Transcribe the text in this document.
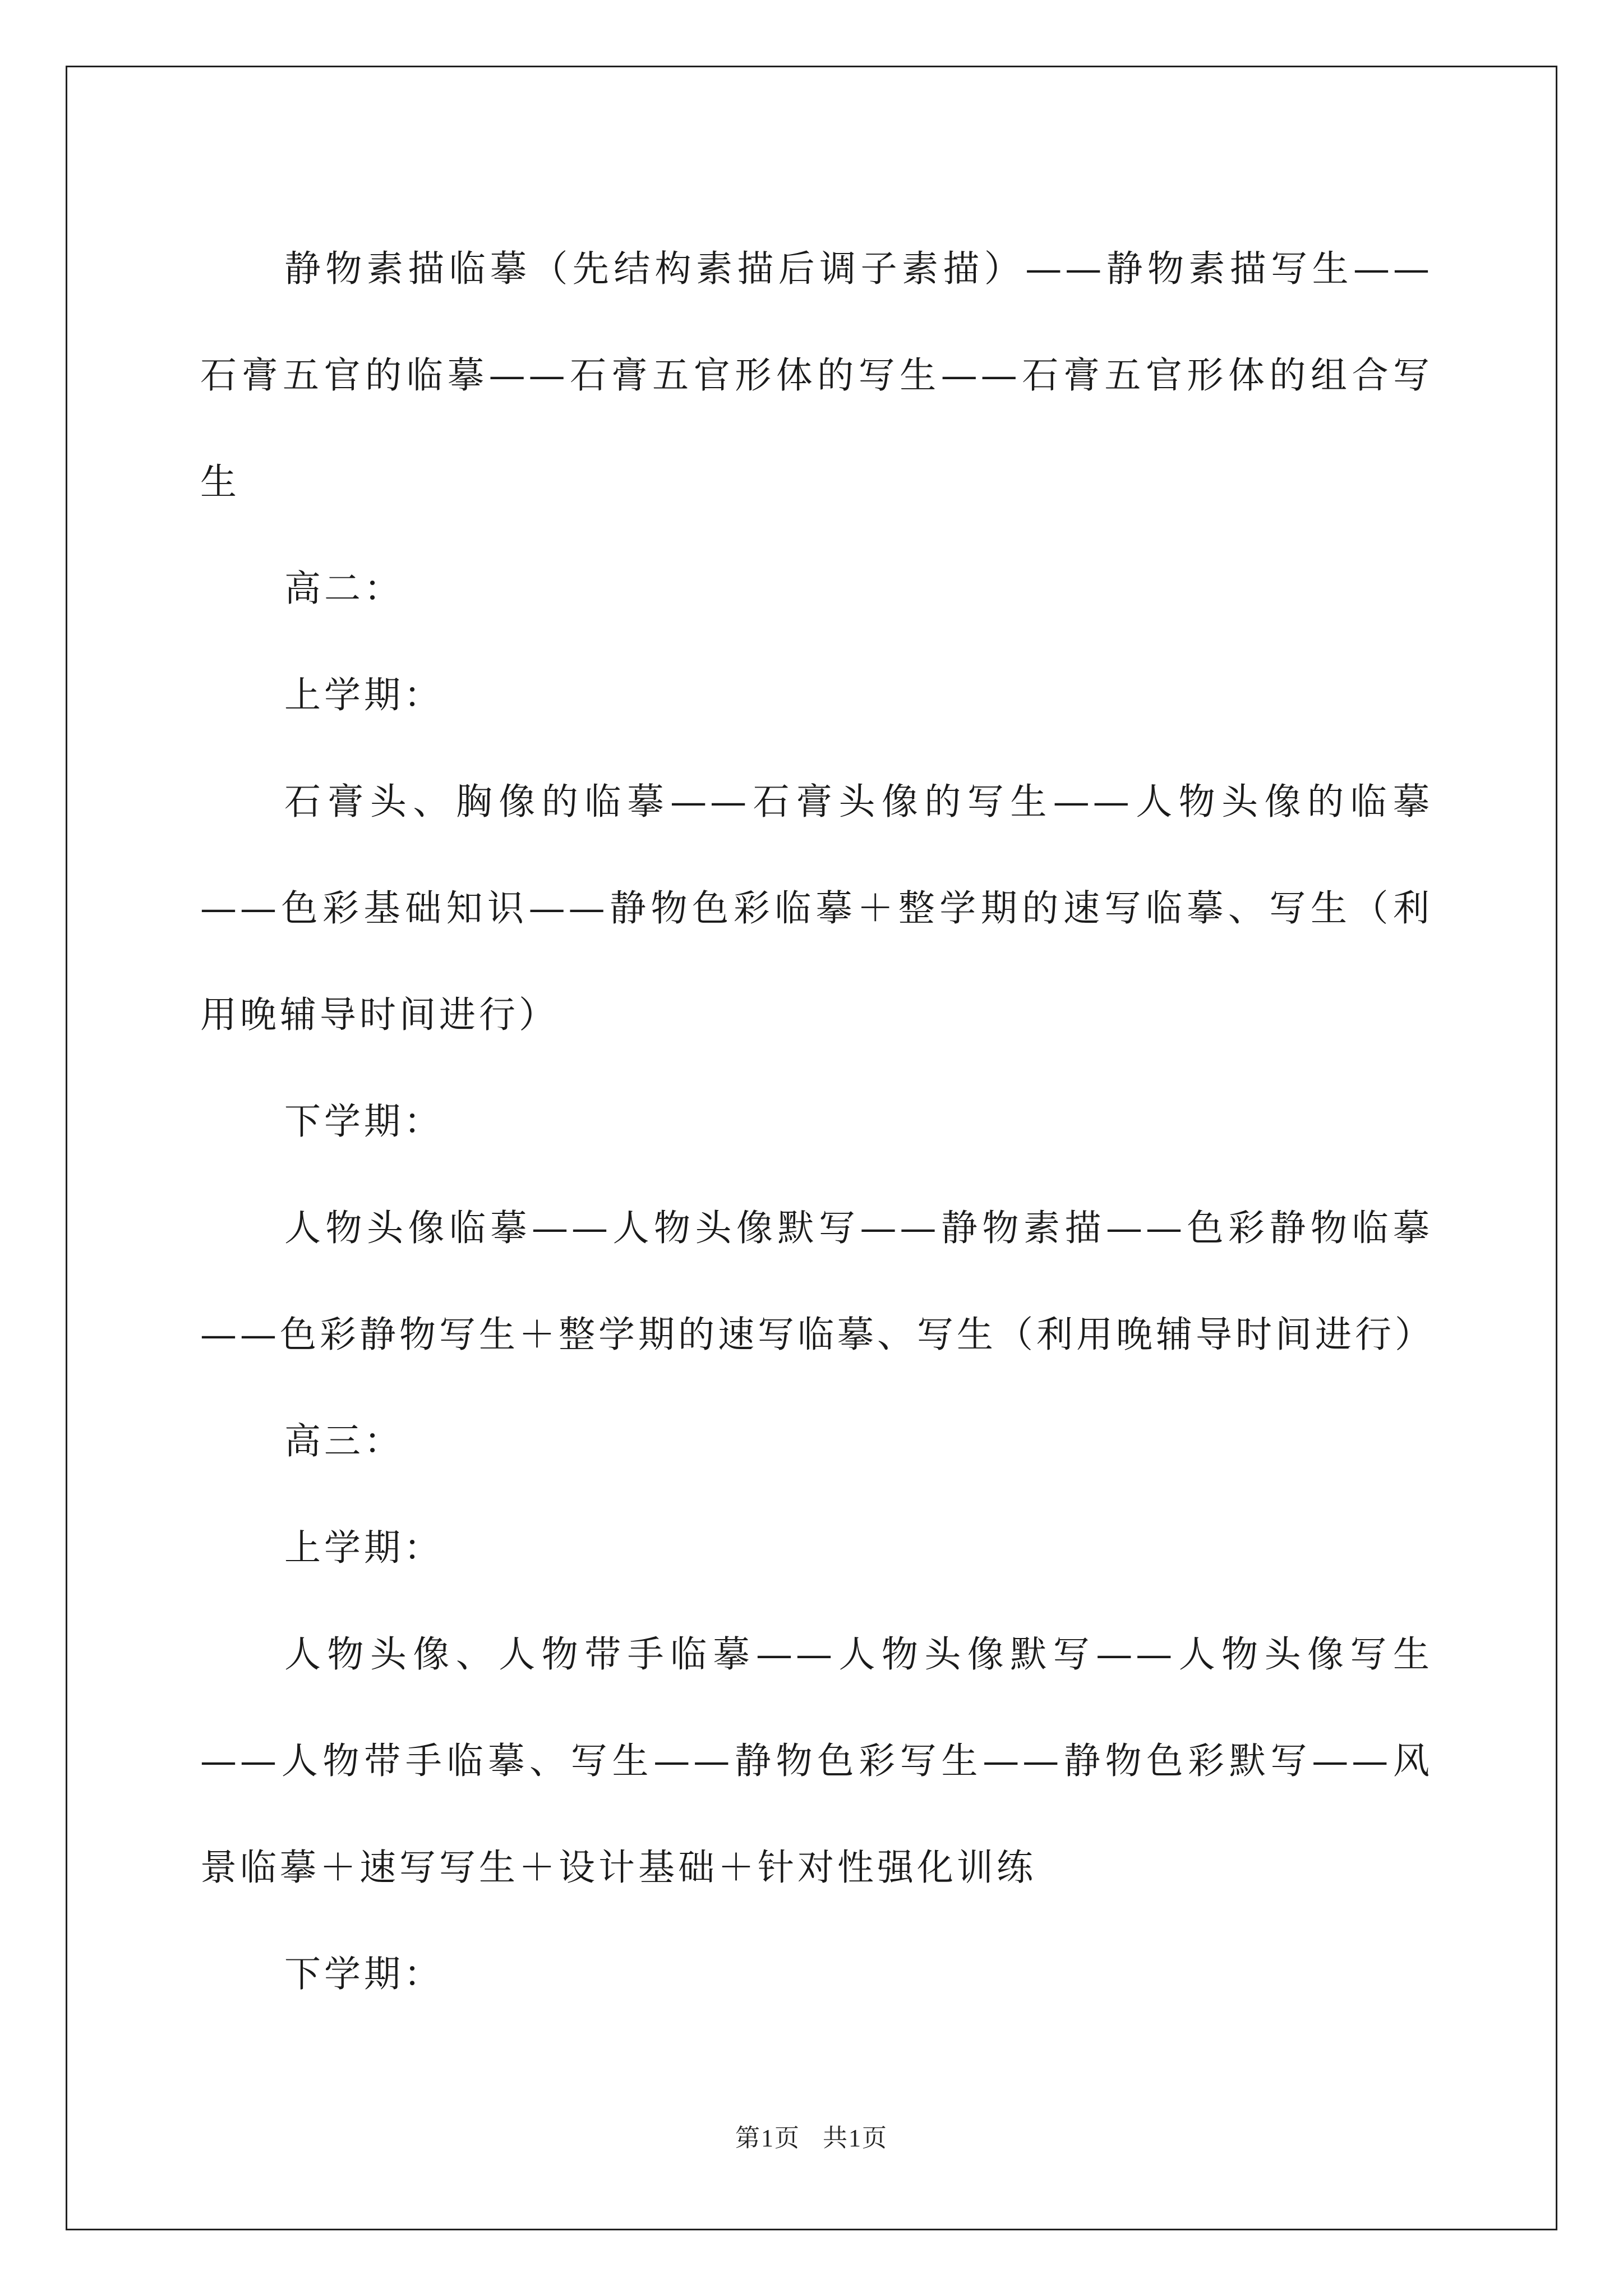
静物素描临摹（先结构素描后调子素描）——静物素描写生——石膏五官的临摹——石膏五官形体的写生——石膏五官形体的组合写生

高二：

上学期：

石膏头、胸像的临摹——石膏头像的写生——人物头像的临摹——色彩基础知识——静物色彩临摹＋整学期的速写临摹、写生（利用晚辅导时间进行）

下学期：

人物头像临摹——人物头像默写——静物素描——色彩静物临摹——色彩静物写生＋整学期的速写临摹、写生（利用晚辅导时间进行）

高三：

上学期：

人物头像、人物带手临摹——人物头像默写——人物头像写生——人物带手临摹、写生——静物色彩写生——静物色彩默写——风景临摹＋速写写生＋设计基础＋针对性强化训练

下学期：

第1页 共1页
